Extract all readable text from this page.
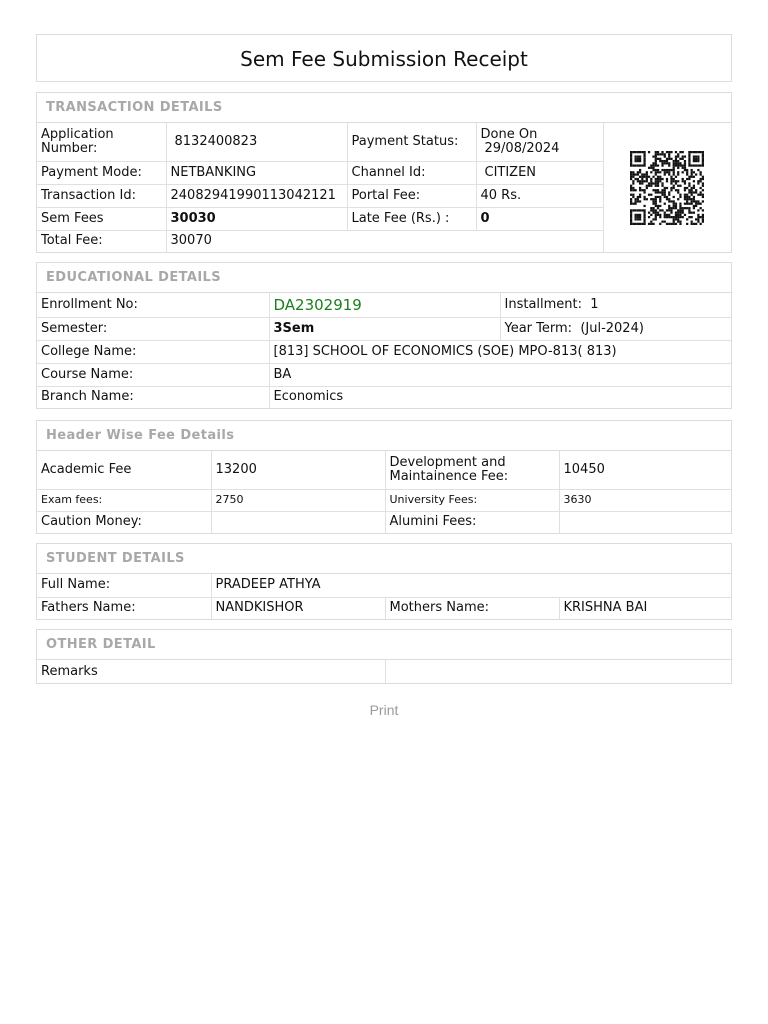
Sem Fee Submission Receipt
TRANSACTION DETAILS
Application Number:	8132400823	Payment Status:	Done On 29/08/2024	

Payment Mode:	NETBANKING	Channel Id:	CITIZEN	
Transaction Id:	24082941990113042121	Portal Fee:	40 Rs.	
Sem Fees	30030	Late Fee (Rs.) :	0	
Total Fee:	30070			
EDUCATIONAL DETAILS
Enrollment No:	DA2302919	Installment: 1
Semester:	3Sem	Year Term: (Jul-2024)
College Name:	[813] SCHOOL OF ECONOMICS (SOE) MPO-813( 813)	
Course Name:	BA	
Branch Name:	Economics	
Header Wise Fee Details
Academic Fee	13200	Development and Maintainence Fee:	10450
Exam fees:	2750	University Fees:	3630
Caution Money:		Alumini Fees:	
STUDENT DETAILS
Full Name:	PRADEEP ATHYA		
Fathers Name:	NANDKISHOR	Mothers Name:	KRISHNA BAI
OTHER DETAIL
Remarks	
Print
